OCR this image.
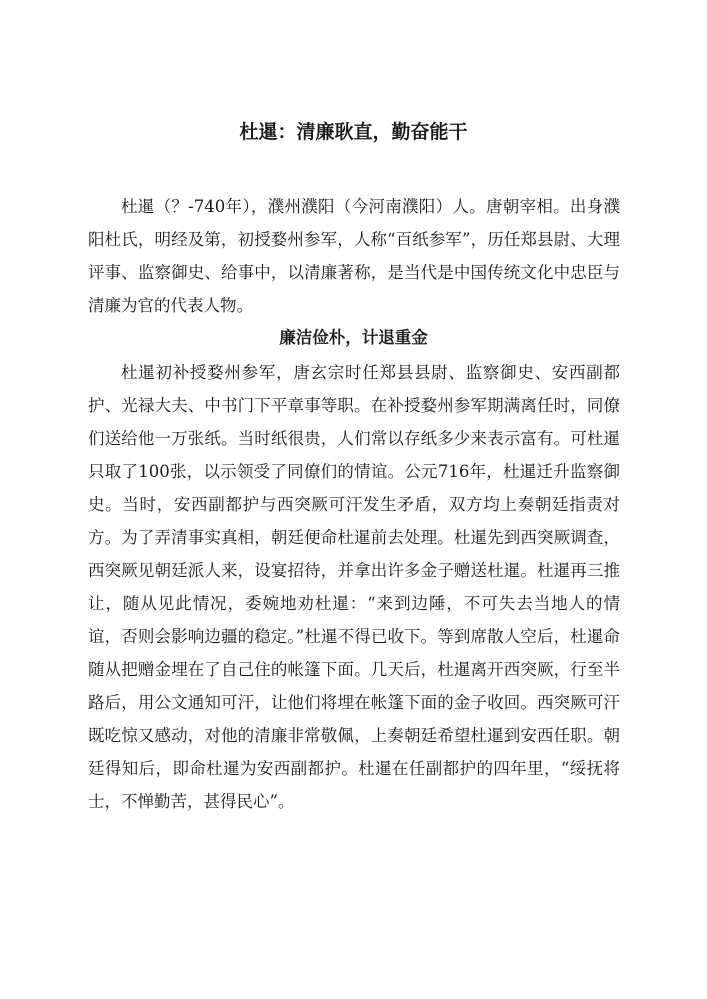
杜暹：清廉耿直，勤奋能干

杜暹（？-740年），濮州濮阳（今河南濮阳）人。唐朝宰相。出身濮阳杜氏，明经及第，初授婺州参军，人称“百纸参军”，历任郑县尉、大理评事、监察御史、给事中，以清廉著称，是当代是中国传统文化中忠臣与清廉为官的代表人物。

廉洁俭朴，计退重金

杜暹初补授婺州参军，唐玄宗时任郑县县尉、监察御史、安西副都护、光禄大夫、中书门下平章事等职。在补授婺州参军期满离任时，同僚们送给他一万张纸。当时纸很贵，人们常以存纸多少来表示富有。可杜暹只取了100张，以示领受了同僚们的情谊。公元716年，杜暹迁升监察御史。当时，安西副都护与西突厥可汗发生矛盾，双方均上奏朝廷指责对方。为了弄清事实真相，朝廷便命杜暹前去处理。杜暹先到西突厥调查，西突厥见朝廷派人来，设宴招待，并拿出许多金子赠送杜暹。杜暹再三推让，随从见此情况，委婉地劝杜暹：“来到边陲，不可失去当地人的情谊，否则会影响边疆的稳定。”杜暹不得已收下。等到席散人空后，杜暹命随从把赠金埋在了自己住的帐篷下面。几天后，杜暹离开西突厥，行至半路后，用公文通知可汗，让他们将埋在帐篷下面的金子收回。西突厥可汗既吃惊又感动，对他的清廉非常敬佩，上奏朝廷希望杜暹到安西任职。朝廷得知后，即命杜暹为安西副都护。杜暹在任副都护的四年里，“绥抚将士，不惮勤苦，甚得民心”。
